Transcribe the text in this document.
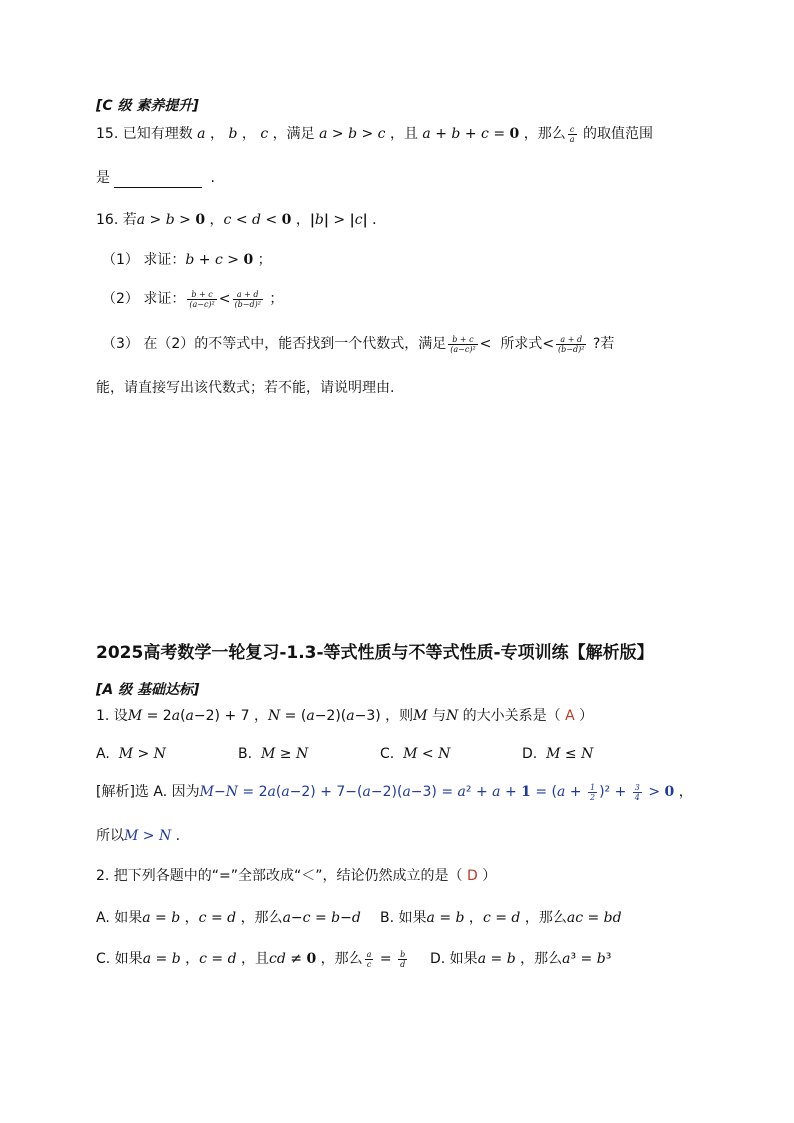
[C 级 素养提升]
15. 已知有理数 a ， b ， c ，满足 a > b > c ，且 a + b + c = 0 ，那么 $\frac{c}{a}$ 的取值范围
是	.
16. 若a > b > 0 ，c < d < 0 ，|b| > |c| ．
（1） 求证：b + c > 0 ；
（2） 求证： $\frac{b + c}{\text{(a−c)²}} < \frac{a + d}{\text{(b−d)²}}$ ；
（3） 在（2）的不等式中，能否找到一个代数式，满足 $\frac{b + c}{\text{(a−c)²}}$ <  所求式< $\frac{a + d}{\text{(b−d)²}}$ ?若
能，请直接写出该代数式；若不能，请说明理由.
2025高考数学一轮复习-1.3-等式性质与不等式性质-专项训练【解析版】
[A 级 基础达标]
1. 设M = 2a(a−2) + 7 ，N = (a−2)(a−3) ，则M 与N 的大小关系是（ A ）
A. M > N	B. M ≥ N	C. M < N	D. M ≤ N
[解析]选 A. 因为$M-N = 2a(a-2) + 7-(a-2)(a-3) = a^2 + a + 1 = (a + \frac{1}{2} )^2 + \frac{3}{4} > 0$ ，
所以M > N .
2. 把下列各题中的“=”全部改成“＜”，结论仍然成立的是（ D ）
A. 如果a = b ，c = d ，那么a−c = b−d B. 如果a = b ，c = d ，那么ac = bd
C. 如果a = b ，c = d ，且cd ≠ 0 ，那么 $\frac{a}{c} = \frac{b}{d} D$. 如果a = b ，那么a³ = b³
